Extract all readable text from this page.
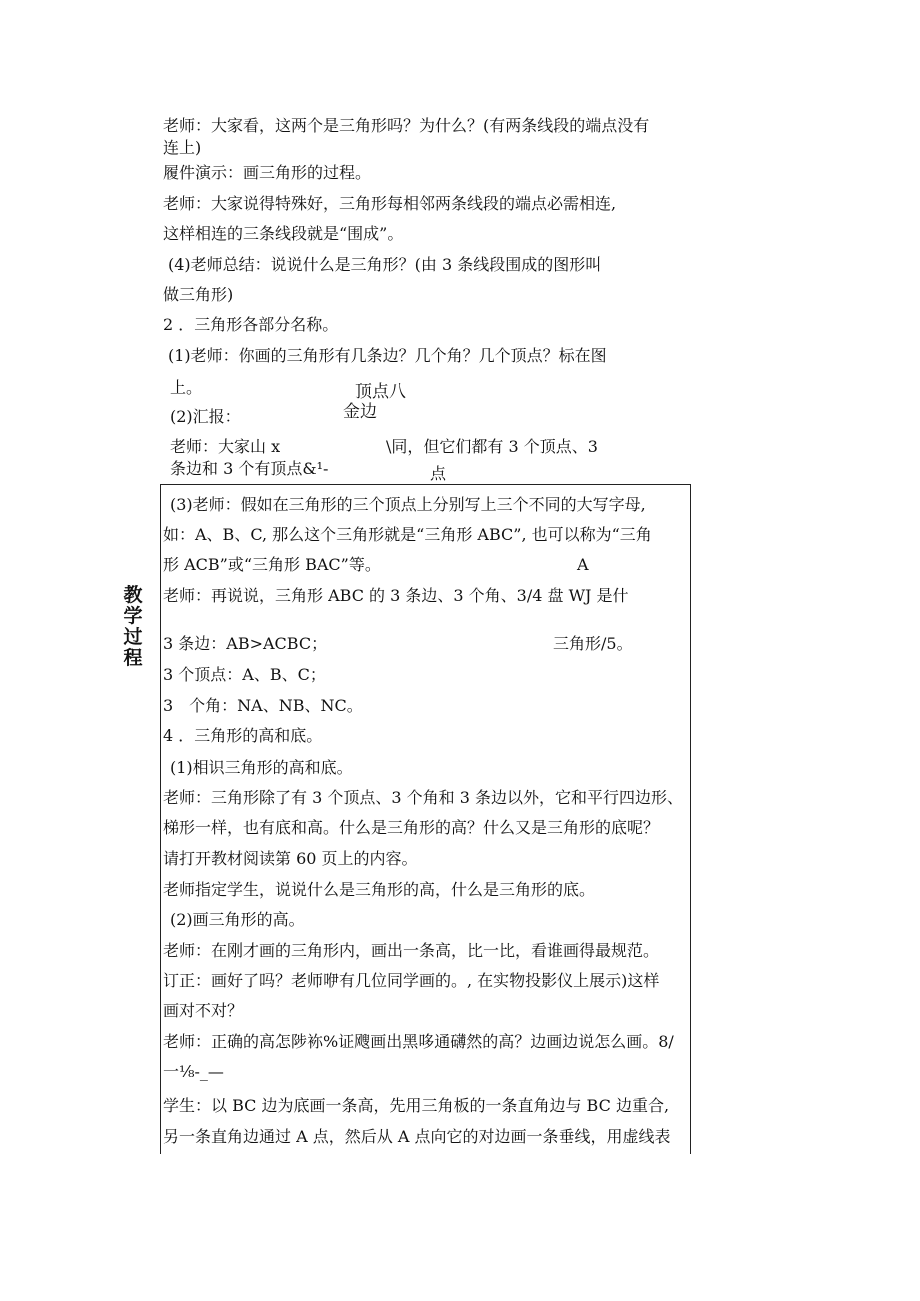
老师：大家看，这两个是三角形吗？为什么？(有两条线段的端点没有
连上)
履件演示：画三角形的过程。
老师：大家说得特殊好，三角形每相邻两条线段的端点必需相连,
这样相连的三条线段就是“围成”。
(4)老师总结：说说什么是三角形？(由 3 条线段围成的图形叫
做三角形)
2 ．三角形各部分名称。
(1)老师：你画的三角形有几条边？几个角？几个顶点？标在图
上。	顶点八
(2)汇报：	金边
老师：大家山 x	\同，但它们都有 3 个顶点、3
条边和 3 个有顶点&¹-	点
教学过程
(3)老师：假如在三角形的三个顶点上分别写上三个不同的大写字母,
如：A、B、C, 那么这个三角形就是“三角形 ABC”, 也可以称为“三角
形 ACB”或“三角形 BAC”等。	A
老师：再说说，三角形 ABC 的 3 条边、3 个角、3/4 盘 WJ 是什
3 条边：AB>ACBC；	三角形/5。
3 个顶点：A、B、C；
3　个角：NA、NB、NC。
4 ．三角形的高和底。
(1)相识三角形的高和底。
老师：三角形除了有 3 个顶点、3 个角和 3 条边以外，它和平行四边形、
梯形一样，也有底和高。什么是三角形的高？什么又是三角形的底呢？
请打开教材阅读第 60 页上的内容。
老师指定学生，说说什么是三角形的高，什么是三角形的底。
(2)画三角形的高。
老师：在刚才画的三角形内，画出一条高，比一比，看谁画得最规范。
订正：画好了吗？老师咿有几位同学画的。, 在实物投影仪上展示)这样
画对不对？
老师：正确的高怎陟袮%证飕画出黑哆通礴然的高？边画边说怎么画。8/
一⅛-_—
学生：以 BC 边为底画一条高，先用三角板的一条直角边与 BC 边重合,
另一条直角边通过 A 点，然后从 A 点向它的对边画一条垂线，用虚线表
